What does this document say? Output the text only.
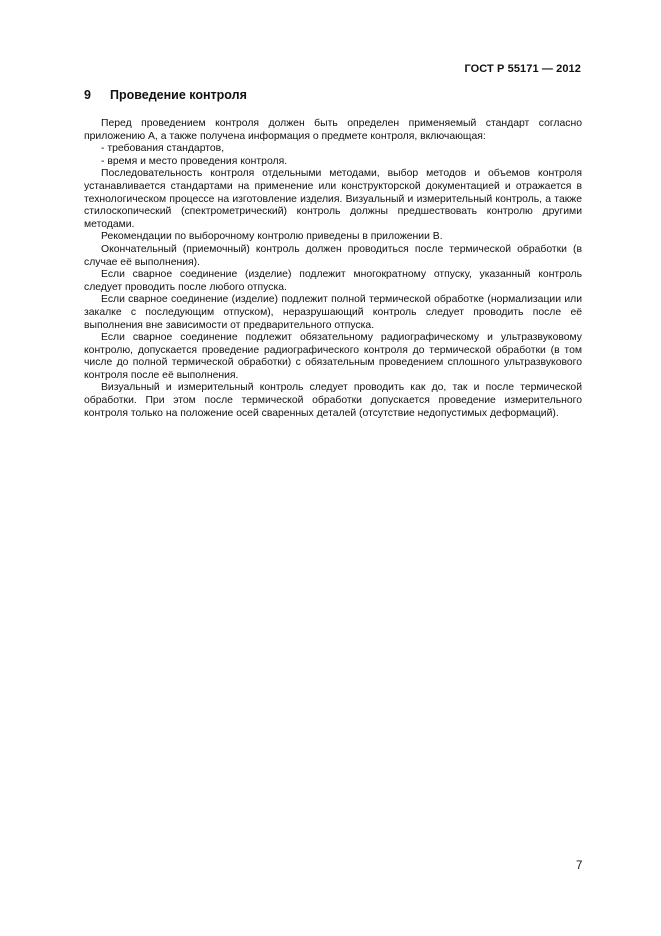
ГОСТ Р 55171 — 2012
9 Проведение контроля

Перед проведением контроля должен быть определен применяемый стандарт согласно приложению А, а также получена информация о предмете контроля, включающая:

- требования стандартов,

- время и место проведения контроля.

Последовательность контроля отдельными методами, выбор методов и объемов контроля устанавливается стандартами на применение или конструкторской документацией и отражается в технологическом процессе на изготовление изделия. Визуальный и измерительный контроль, а также стилоскопический (спектрометрический) контроль должны предшествовать контролю другими методами.

Рекомендации по выборочному контролю приведены в приложении В.

Окончательный (приемочный) контроль должен проводиться после термической обработки (в случае её выполнения).

Если сварное соединение (изделие) подлежит многократному отпуску, указанный контроль следует проводить после любого отпуска.

Если сварное соединение (изделие) подлежит полной термической обработке (нормализации или закалке с последующим отпуском), неразрушающий контроль следует проводить после её выполнения вне зависимости от предварительного отпуска.

Если сварное соединение подлежит обязательному радиографическому и ультразвуковому контролю, допускается проведение радиографического контроля до термической обработки (в том числе до полной термической обработки) с обязательным проведением сплошного ультразвукового контроля после её выполнения.

Визуальный и измерительный контроль следует проводить как до, так и после термической обработки. При этом после термической обработки допускается проведение измерительного контроля только на положение осей сваренных деталей (отсутствие недопустимых деформаций).

7
